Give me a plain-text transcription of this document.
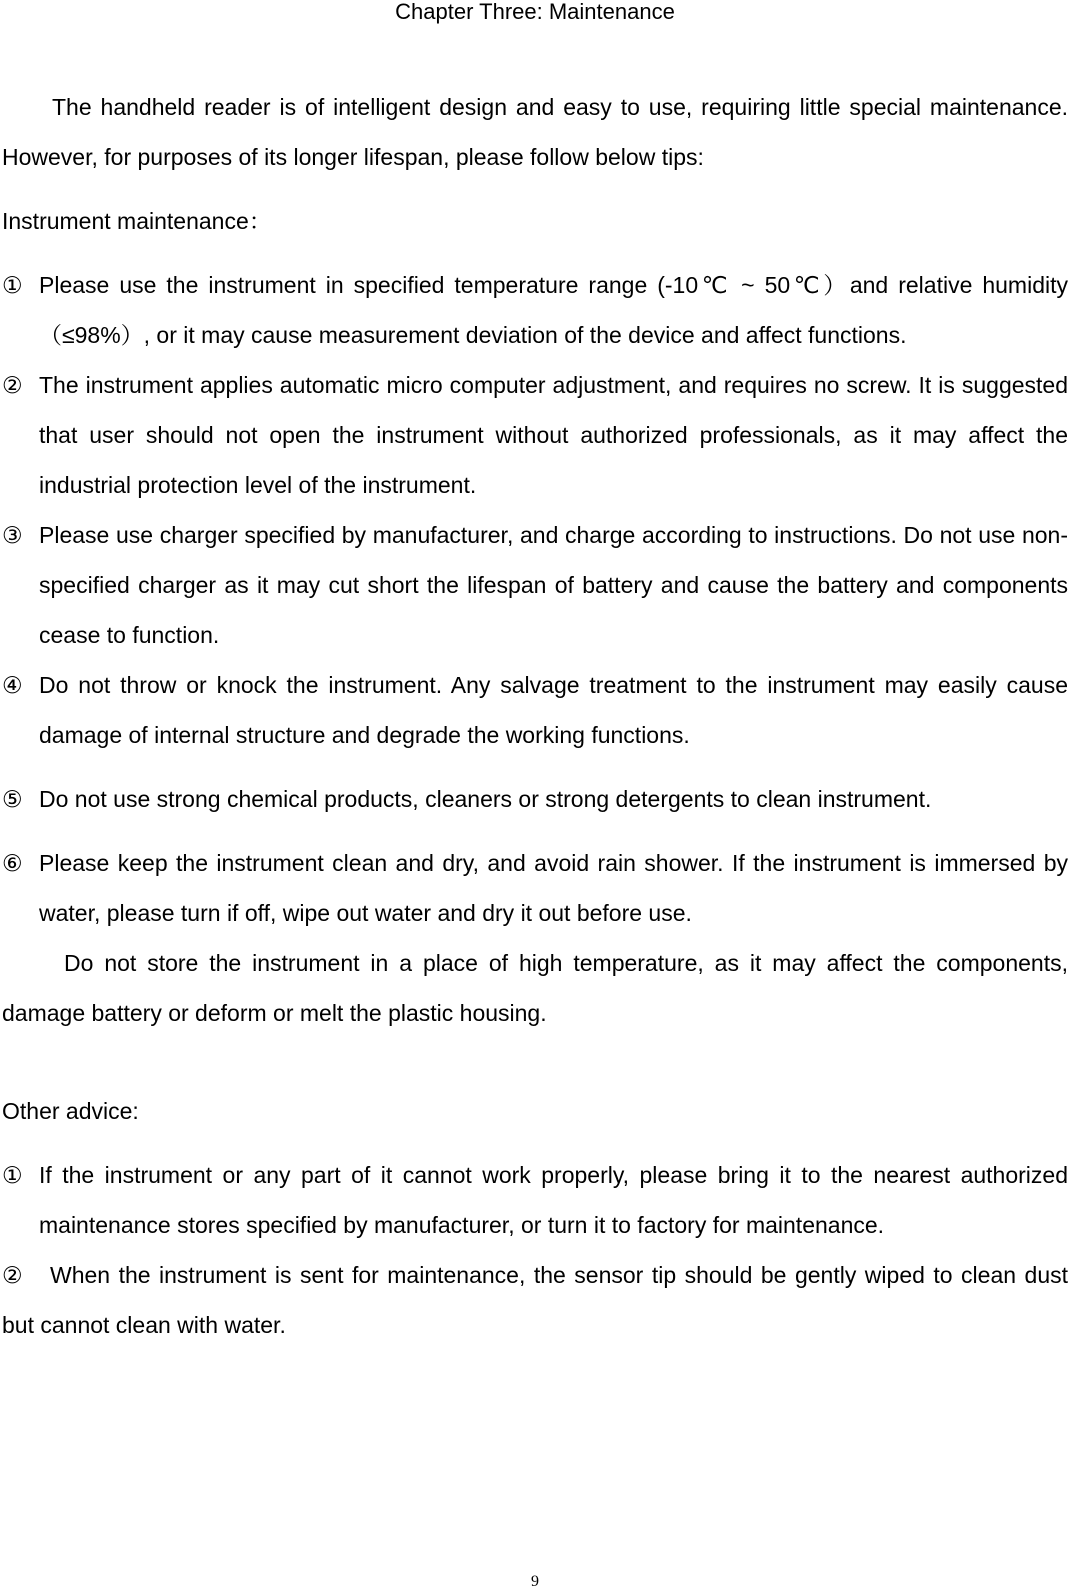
Chapter Three: Maintenance

The handheld reader is of intelligent design and easy to use, requiring little special maintenance. However, for purposes of its longer lifespan, please follow below tips:

Instrument maintenance：

① Please use the instrument in specified temperature range (-10℃ ~ 50℃）and relative humidity（≤98%）, or it may cause measurement deviation of the device and affect functions.
② The instrument applies automatic micro computer adjustment, and requires no screw. It is suggested that user should not open the instrument without authorized professionals, as it may affect the industrial protection level of the instrument.
③ Please use charger specified by manufacturer, and charge according to instructions. Do not use non-specified charger as it may cut short the lifespan of battery and cause the battery and components cease to function.
④ Do not throw or knock the instrument. Any salvage treatment to the instrument may easily cause damage of internal structure and degrade the working functions.
⑤ Do not use strong chemical products, cleaners or strong detergents to clean instrument.
⑥ Please keep the instrument clean and dry, and avoid rain shower. If the instrument is immersed by water, please turn if off, wipe out water and dry it out before use.

Do not store the instrument in a place of high temperature, as it may affect the components, damage battery or deform or melt the plastic housing.

Other advice:

① If the instrument or any part of it cannot work properly, please bring it to the nearest authorized maintenance stores specified by manufacturer, or turn it to factory for maintenance.
② When the instrument is sent for maintenance, the sensor tip should be gently wiped to clean dust but cannot clean with water.
9
